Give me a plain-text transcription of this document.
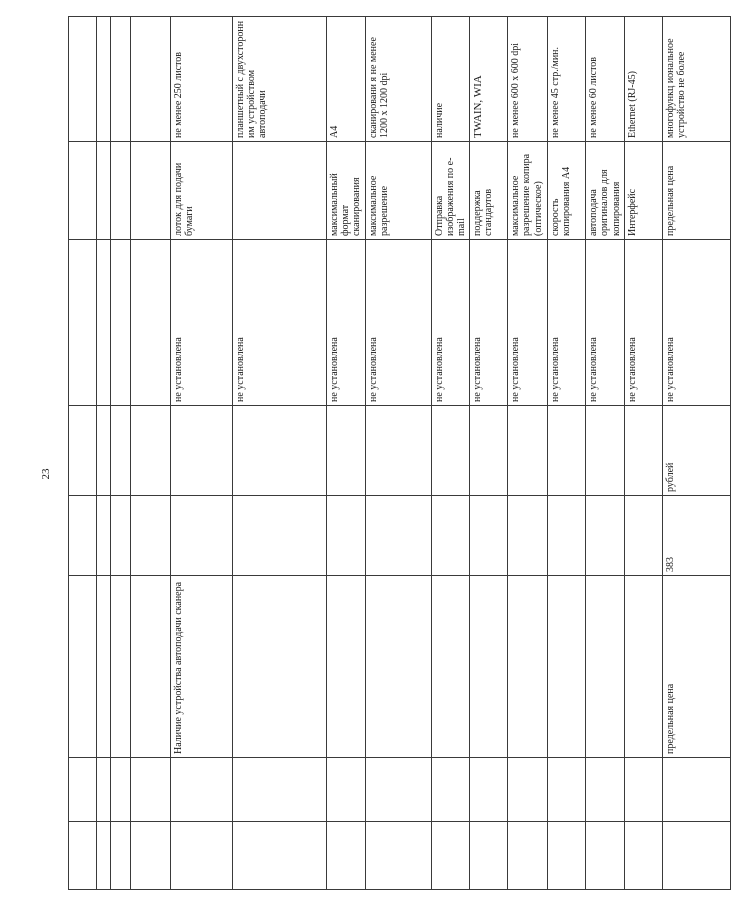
23

		Наличие устройства автоподачи сканера			не установлена	лоток для подачи бумаги	не менее 250 листов
					не установлена		планшетный с двухсторонн им устройством автоподачи
					не установлена	максимальный формат сканирования	А4
					не установлена	максимальное разрешение	сканировани я не менее 1200 х 1200 dpi
					не установлена	Отправка изображения по e-mail	наличие
					не установлена	поддержка стандартов	TWAIN, WIA
					не установлена	максимальное разрешение копира (оптическое)	не менее 600 х 600 dpi
					не установлена	скорость копирования А4	не менее 45 стр./мин.
					не установлена	автоподача оригиналов для копирования	не менее 60 листов
					не установлена	Интерфейс	Ethernet (RJ-45)
		предельная цена	383	рублей	не установлена	предельная цена	многофункц иональное устройство не более
